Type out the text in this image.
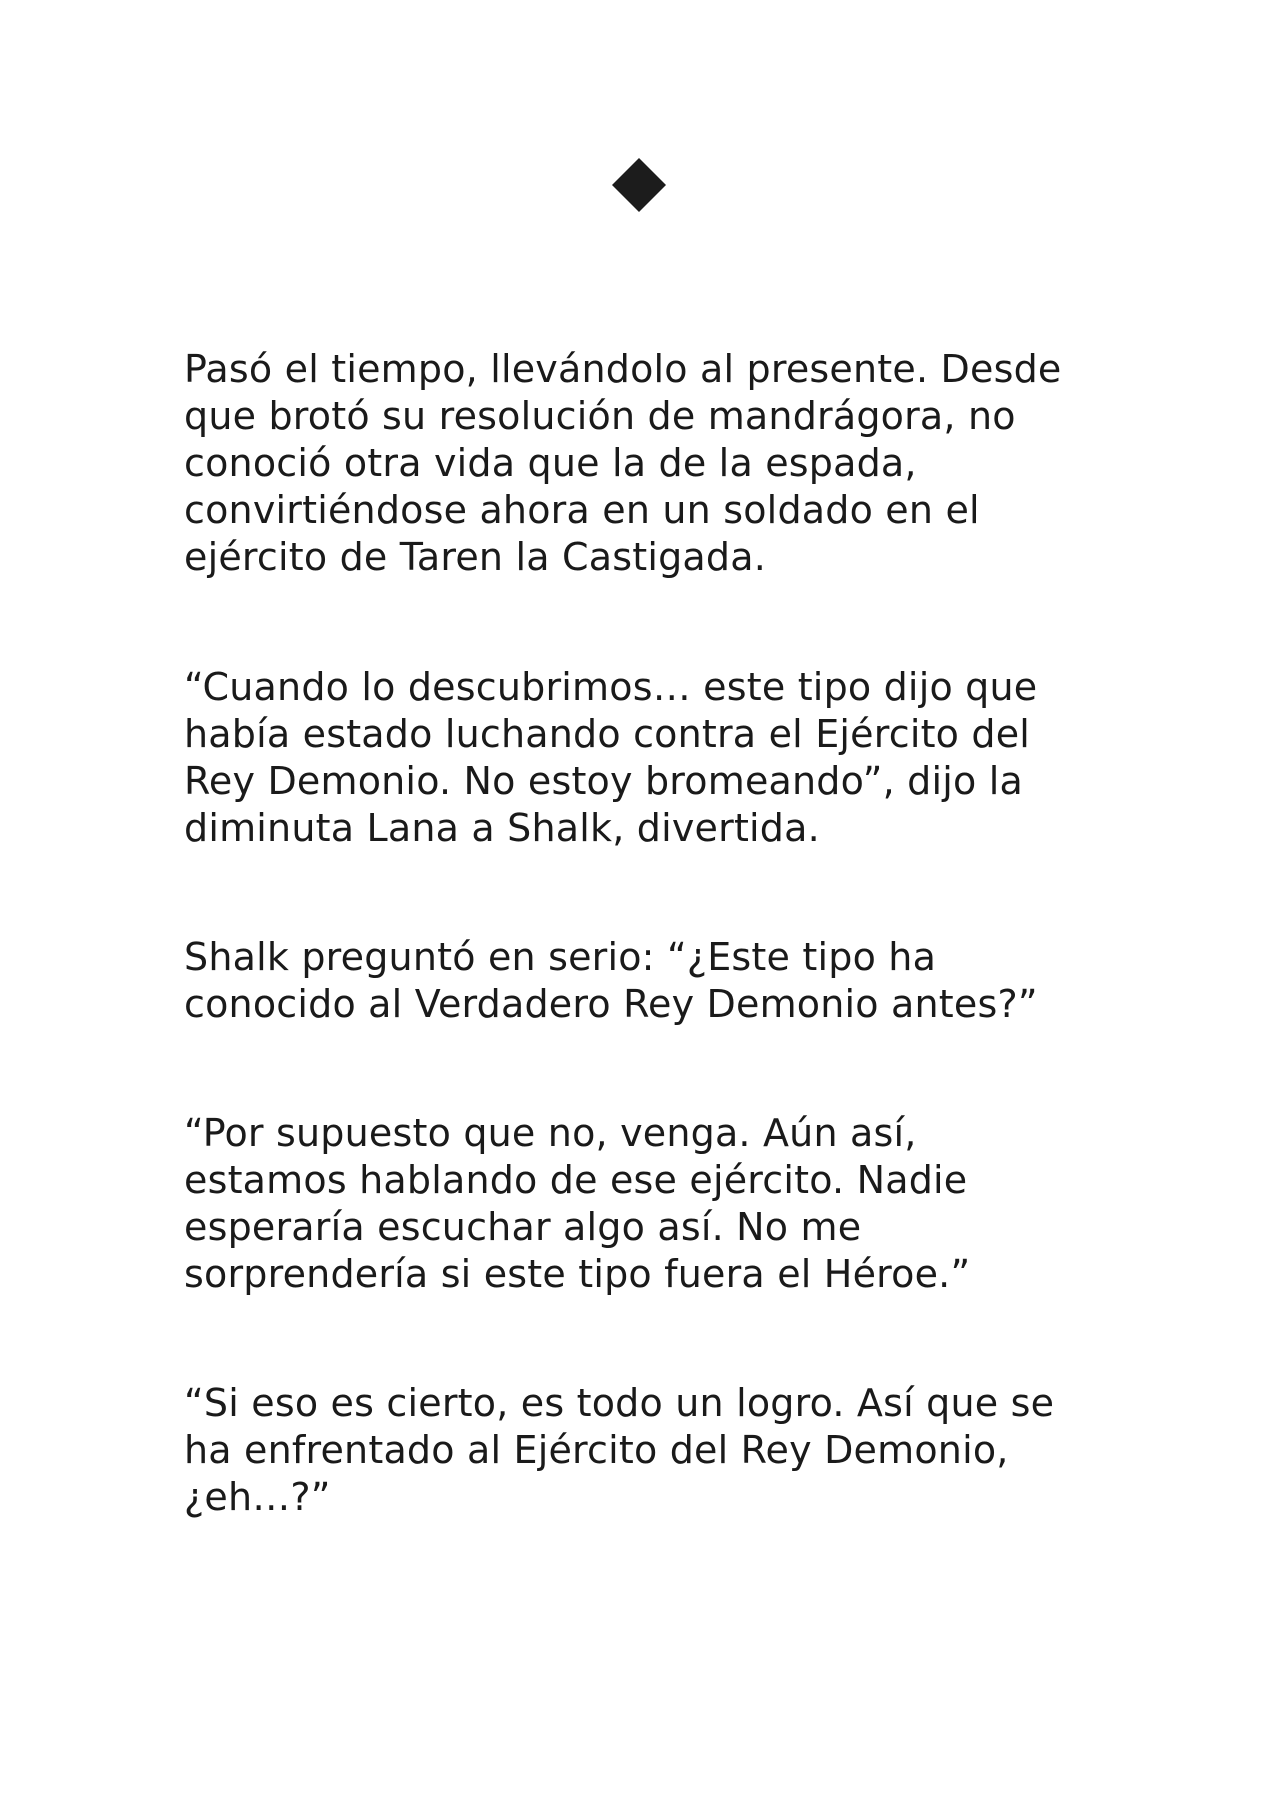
Pasó el tiempo, llevándolo al presente. Desde
que brotó su resolución de mandrágora, no
conoció otra vida que la de la espada,
convirtiéndose ahora en un soldado en el
ejército de Taren la Castigada.

“Cuando lo descubrimos… este tipo dijo que
había estado luchando contra el Ejército del
Rey Demonio. No estoy bromeando”, dijo la
diminuta Lana a Shalk, divertida.

Shalk preguntó en serio: “¿Este tipo ha
conocido al Verdadero Rey Demonio antes?”

“Por supuesto que no, venga. Aún así,
estamos hablando de ese ejército. Nadie
esperaría escuchar algo así. No me
sorprendería si este tipo fuera el Héroe.”

“Si eso es cierto, es todo un logro. Así que se
ha enfrentado al Ejército del Rey Demonio,
¿eh…?”
